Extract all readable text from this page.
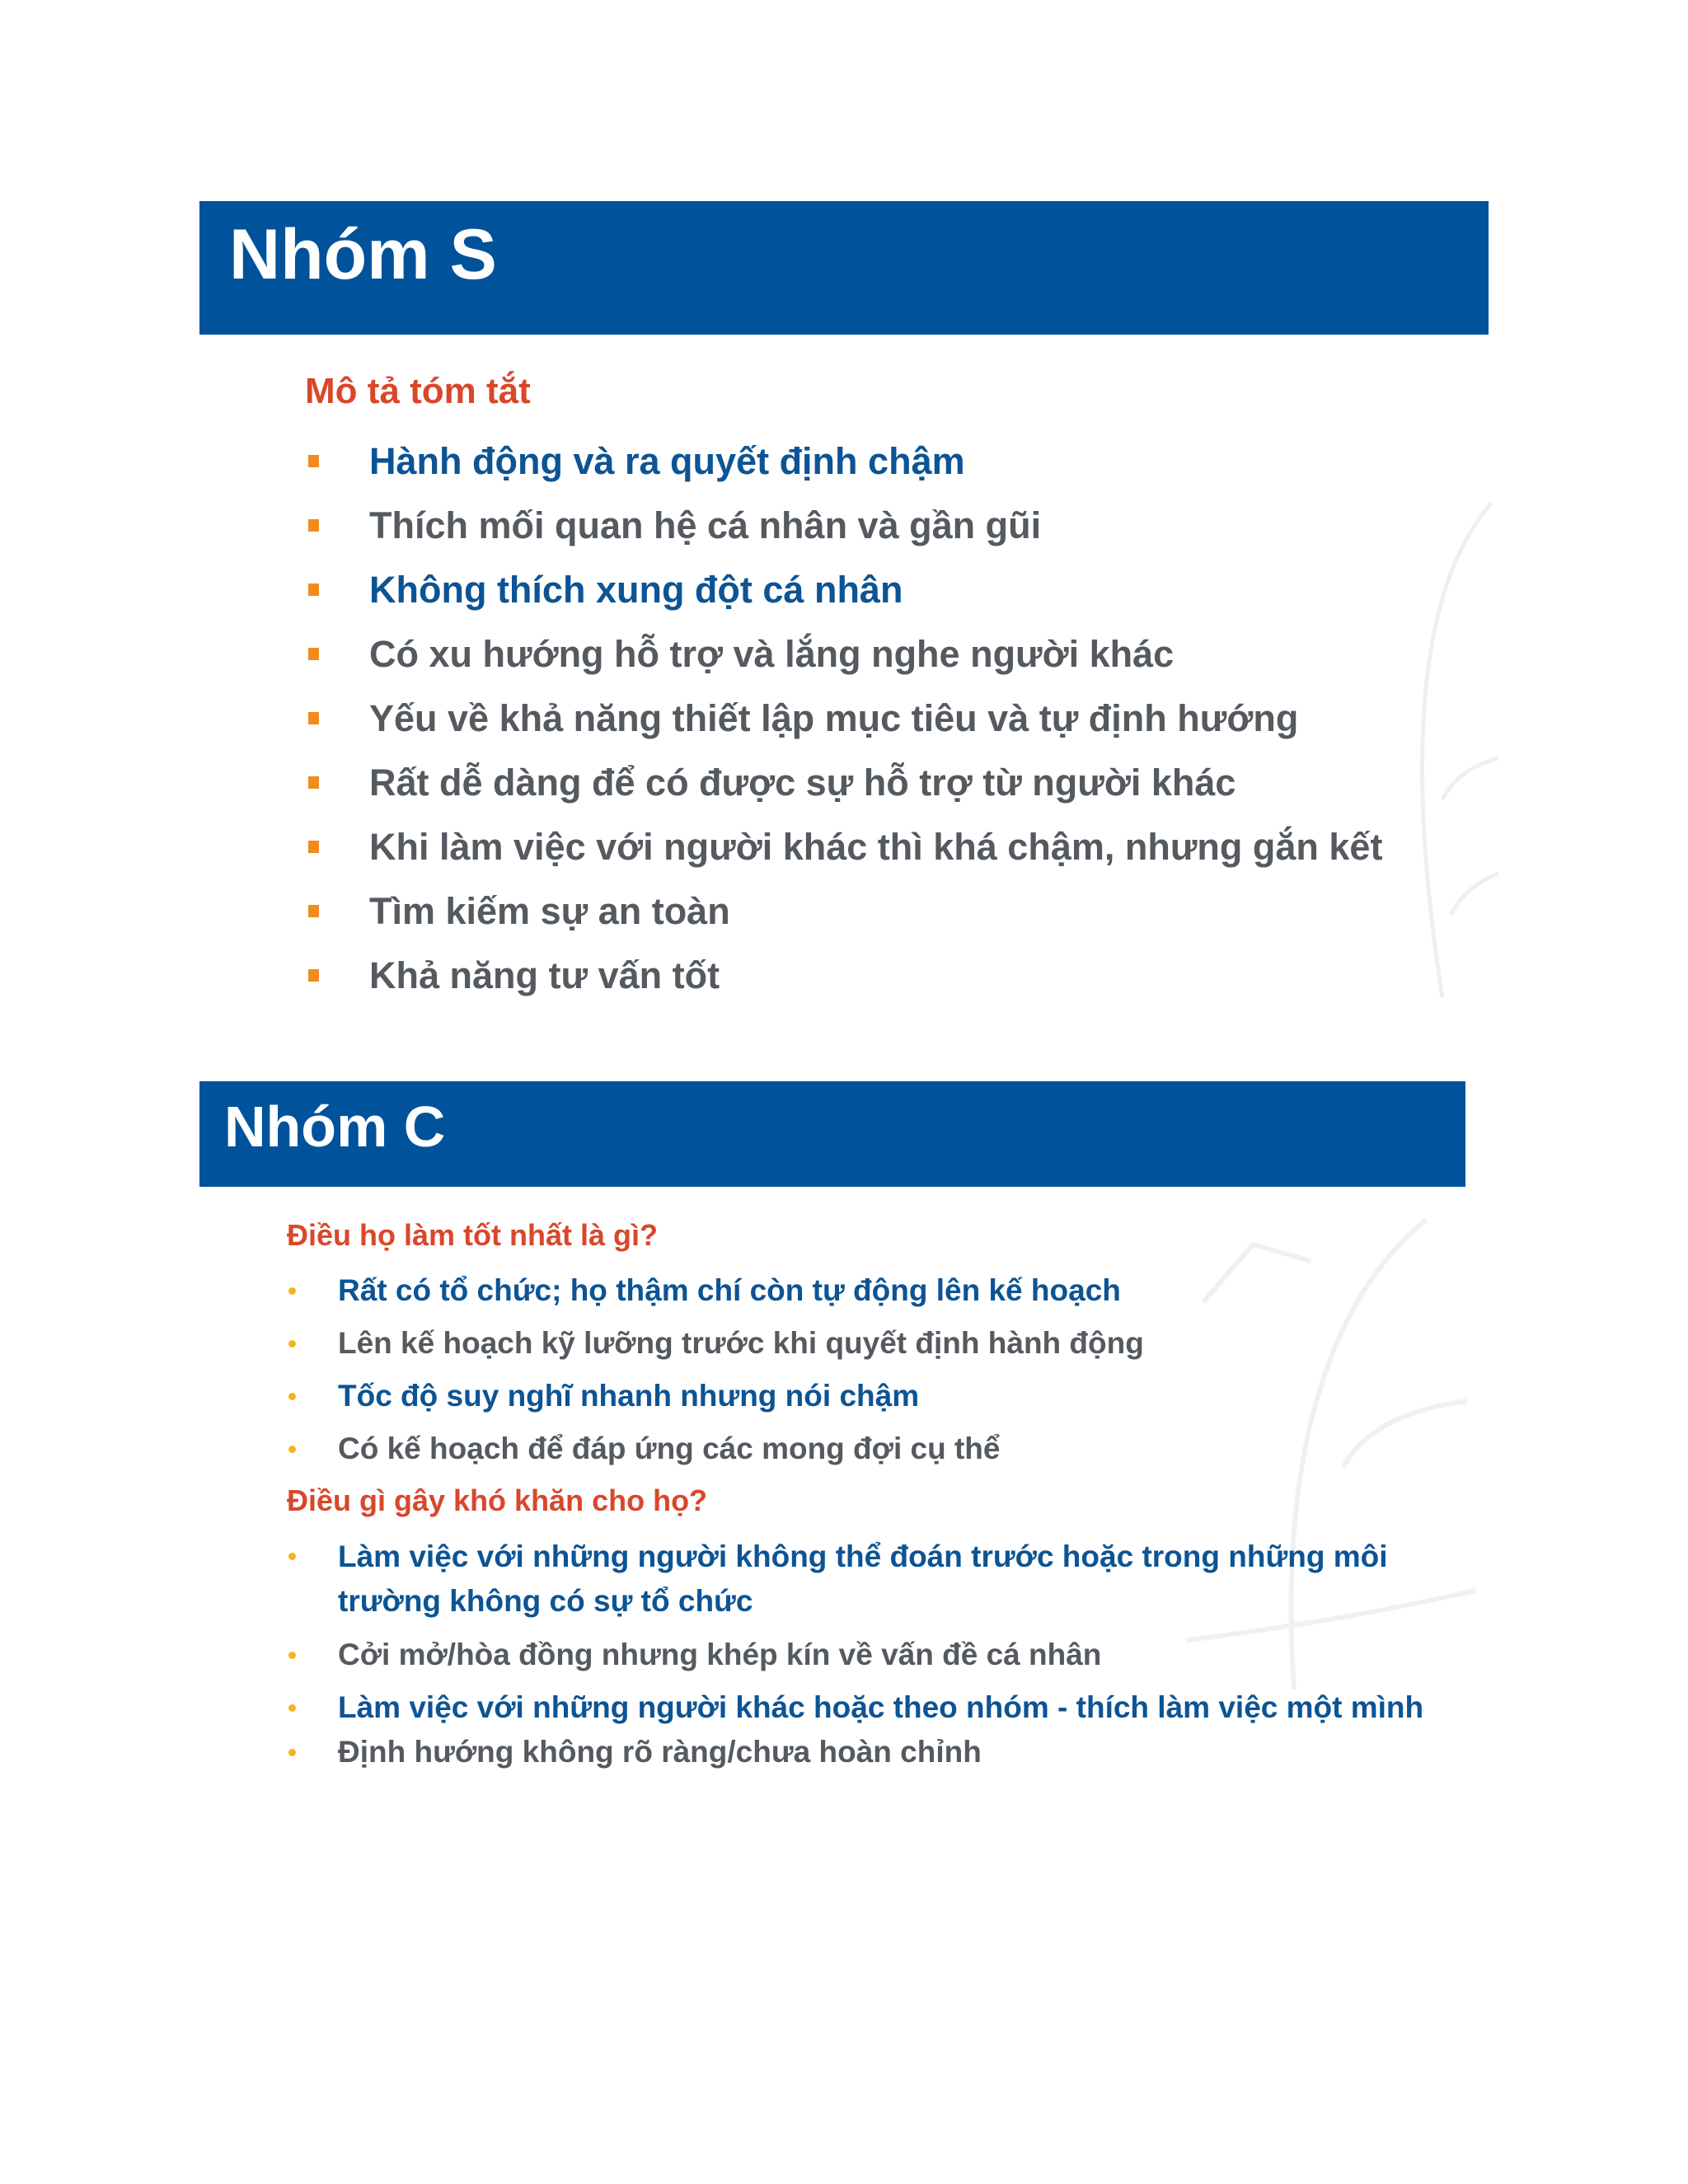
Nhóm S
Mô tả tóm tắt
Hành động và ra quyết định chậm
Thích mối quan hệ cá nhân và gần gũi
Không thích xung đột cá nhân
Có xu hướng hỗ trợ và lắng nghe người khác
Yếu về khả năng thiết lập mục tiêu và tự định hướng
Rất dễ dàng để có được sự hỗ trợ từ người khác
Khi làm việc với người khác thì khá chậm, nhưng gắn kết
Tìm kiếm sự an toàn
Khả năng tư vấn tốt
Nhóm C
Điều họ làm tốt nhất là gì?
Rất có tổ chức; họ thậm chí còn tự động lên kế hoạch
Lên kế hoạch kỹ lưỡng trước khi quyết định hành động
Tốc độ suy nghĩ nhanh nhưng nói chậm
Có kế hoạch để đáp ứng các mong đợi cụ thể
Điều gì gây khó khăn cho họ?
Làm việc với những người không thể đoán trước hoặc trong những môi trường không có sự tổ chức
Cởi mở/hòa đồng nhưng khép kín về vấn đề cá nhân
Làm việc với những người khác hoặc theo nhóm - thích làm việc một mình
Định hướng không rõ ràng/chưa hoàn chỉnh
